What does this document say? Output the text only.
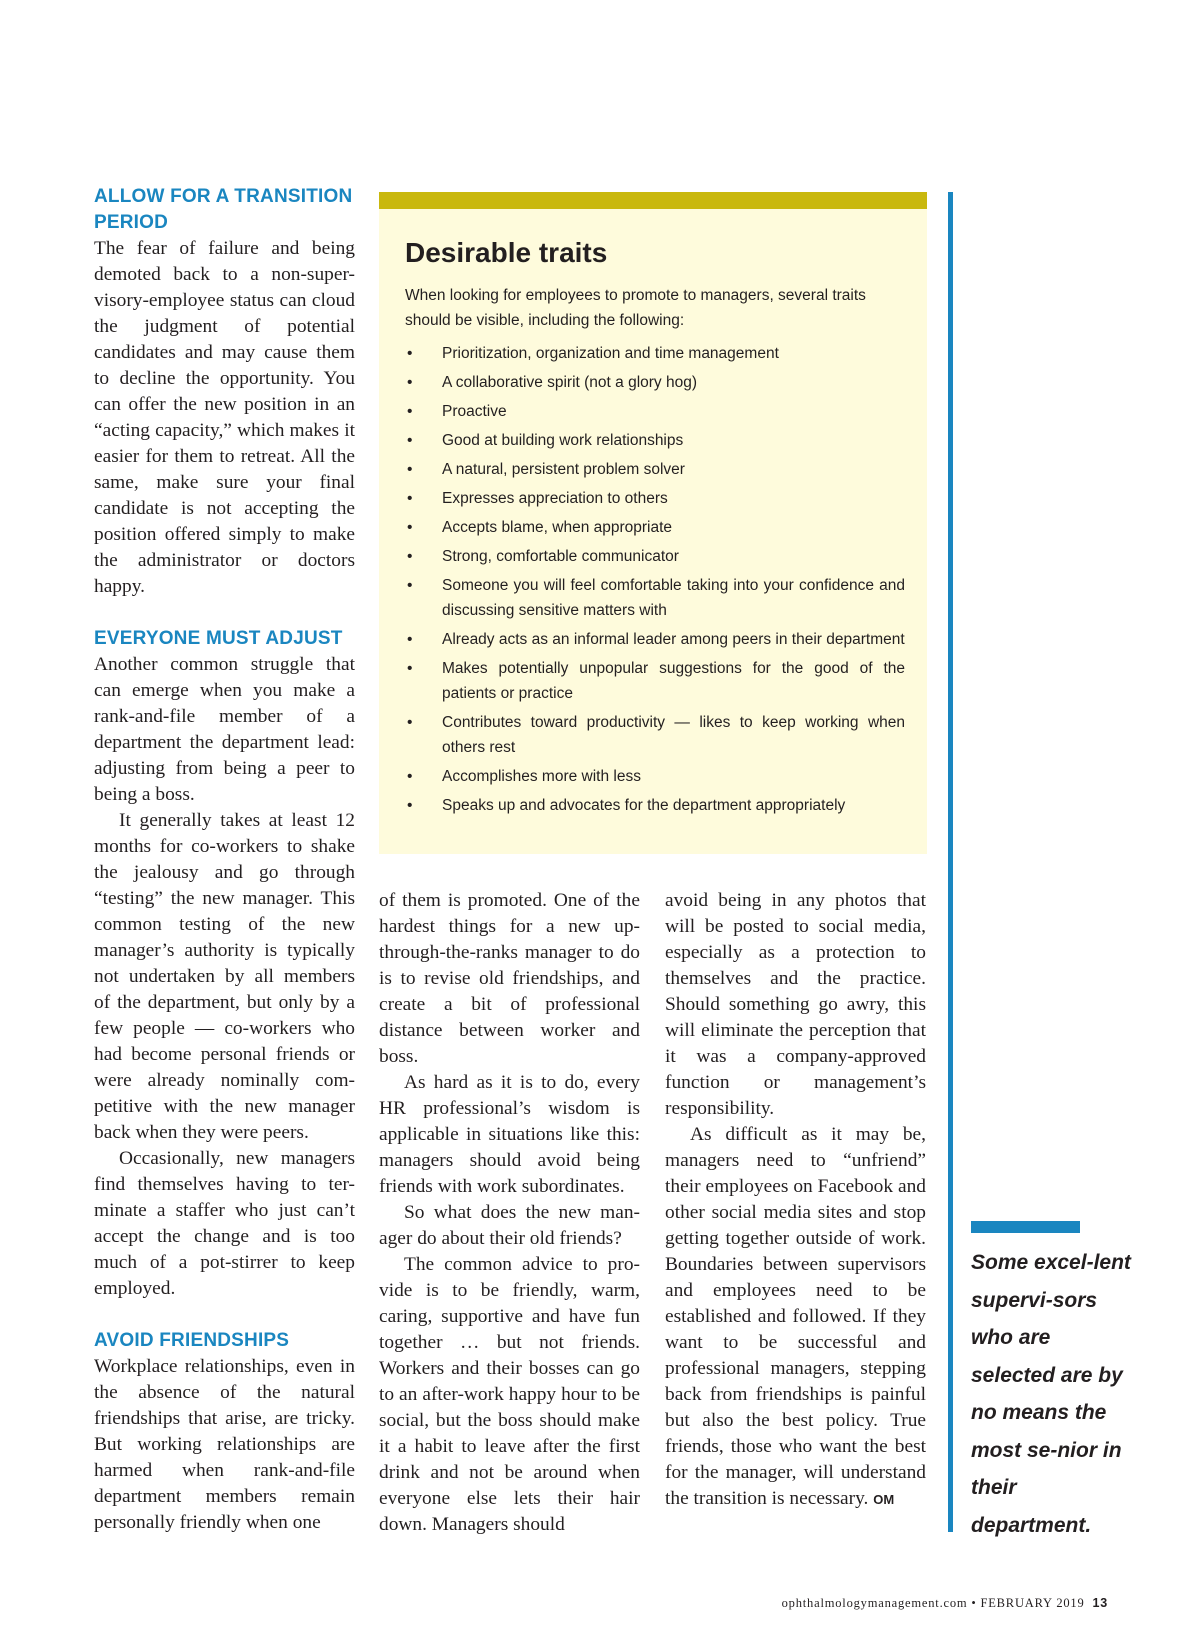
ALLOW FOR A TRANSITION
PERIOD

The fear of failure and being demoted back to a non-super-visory-employee status can cloud the judgment of potential candidates and may cause them to decline the opportunity. You can offer the new position in an “acting capacity,” which makes it easier for them to retreat. All the same, make sure your final candidate is not accepting the position offered simply to make the administrator or doctors happy.

EVERYONE MUST ADJUST

Another common struggle that can emerge when you make a rank-and-file member of a department the department lead: adjusting from being a peer to being a boss.

It generally takes at least 12 months for co-workers to shake the jealousy and go through “testing” the new manager. This common testing of the new manager’s authority is typically not undertaken by all members of the department, but only by a few people — co-workers who had become personal friends or were already nominally com-petitive with the new manager back when they were peers.

Occasionally, new managers find themselves having to ter-minate a staffer who just can’t accept the change and is too much of a pot-stirrer to keep employed.

AVOID FRIENDSHIPS

Workplace relationships, even in the absence of the natural friendships that arise, are tricky. But working relationships are harmed when rank-and-file department members remain personally friendly when one

Desirable traits
When looking for employees to promote to managers, several traits should be visible, including the following:
• Prioritization, organization and time management
• A collaborative spirit (not a glory hog)
• Proactive
• Good at building work relationships
• A natural, persistent problem solver
• Expresses appreciation to others
• Accepts blame, when appropriate
• Strong, comfortable communicator
• Someone you will feel comfortable taking into your confidence and discussing sensitive matters with
• Already acts as an informal leader among peers in their department
• Makes potentially unpopular suggestions for the good of the patients or practice
• Contributes toward productivity — likes to keep working when others rest
• Accomplishes more with less
• Speaks up and advocates for the department appropriately

of them is promoted. One of the hardest things for a new up-through-the-ranks manager to do is to revise old friendships, and create a bit of professional distance between worker and boss.

As hard as it is to do, every HR professional’s wisdom is applicable in situations like this: managers should avoid being friends with work subordinates.

So what does the new man-ager do about their old friends?

The common advice to pro-vide is to be friendly, warm, caring, supportive and have fun together … but not friends. Workers and their bosses can go to an after-work happy hour to be social, but the boss should make it a habit to leave after the first drink and not be around when everyone else lets their hair down. Managers should

avoid being in any photos that will be posted to social media, especially as a protection to themselves and the practice. Should something go awry, this will eliminate the perception that it was a company-approved function or management’s responsibility.

As difficult as it may be, managers need to “unfriend” their employees on Facebook and other social media sites and stop getting together outside of work. Boundaries between supervisors and employees need to be established and followed. If they want to be successful and professional managers, stepping back from friendships is painful but also the best policy. True friends, those who want the best for the manager, will understand the transition is necessary. OM

Some excel-lent supervi-sors who are selected are by no means the most se-nior in their department.
ophthalmologymanagement.com • FEBRUARY 2019 13
